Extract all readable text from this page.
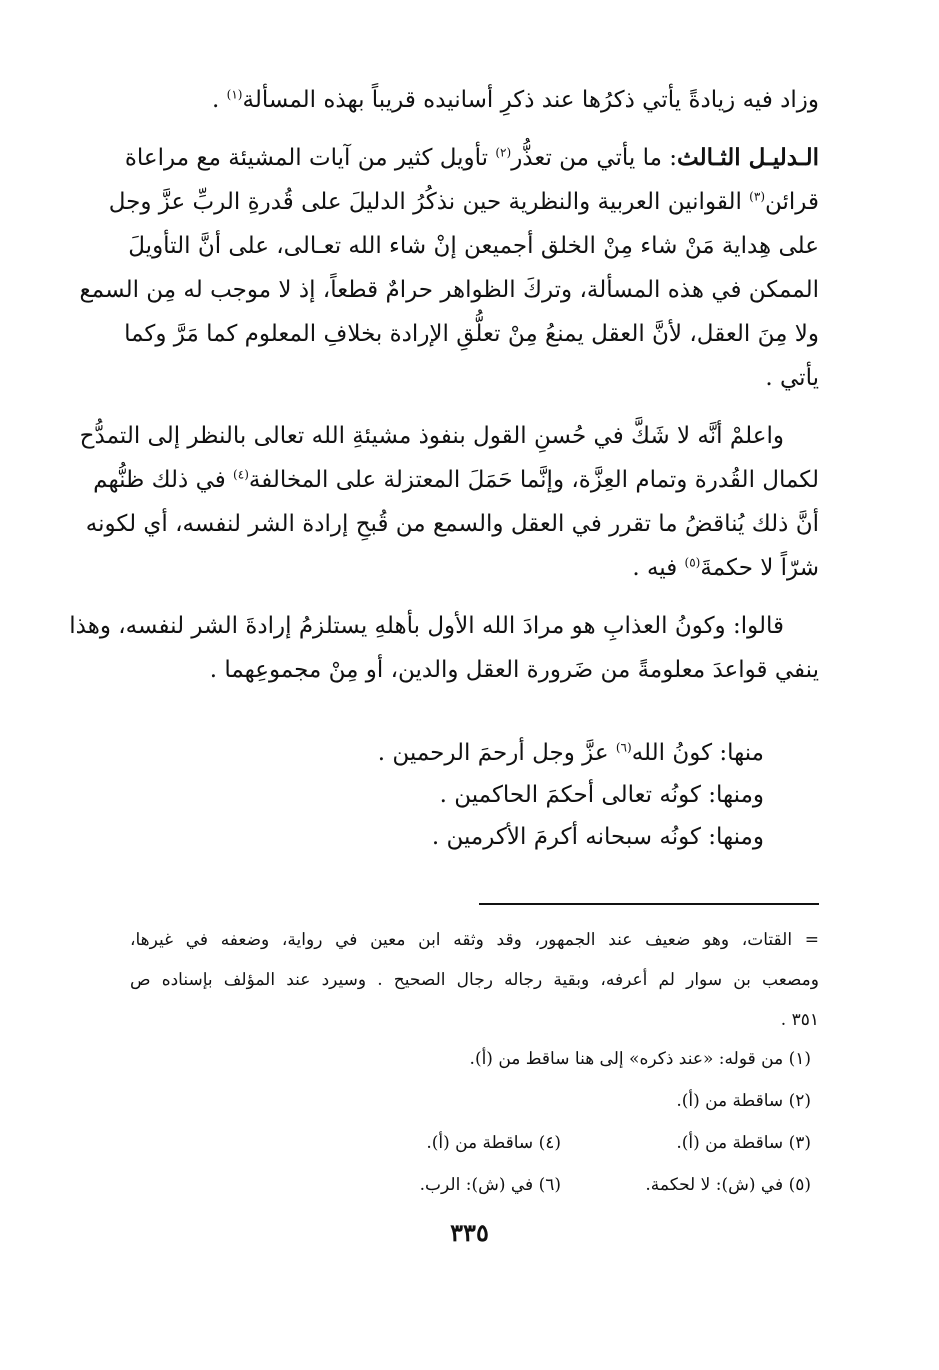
وزاد فيه زيادةً يأتي ذكرُها عند ذكرِ أسانيده قريباً بهذه المسألة$^{(١)}$ .

الـدليـل الثـالث: ما يأتي من تعذُّر$^{(٢)}$ تأويل كثير من آيات المشيئة مع مراعاة

قرائن$^{(٣)}$ القوانين العربية والنظرية حين نذكُرُ الدليلَ على قُدرةِ الربِّ عزَّ وجل

على هِداية مَنْ شاء مِنْ الخلق أجميعن إنْ شاء الله تعـالى، على أنَّ التأويلَ

الممكن في هذه المسألة، وتركَ الظواهر حرامٌ قطعاً، إذ لا موجب له مِن السمع

ولا مِنَ العقل، لأنَّ العقل يمنعُ مِنْ تعلُّقِ الإرادة بخلافِ المعلوم كما مَرَّ وكما

يأتي .

واعلمْ أنَّه لا شَكَّ في حُسنِ القول بنفوذ مشيئةِ الله تعالى بالنظر إلى التمدُّح

لكمال القُدرة وتمام العِزَّة، وإنَّما حَمَلَ المعتزلة على المخالفة$^{(٤)}$ في ذلك ظنُّهم

أنَّ ذلك يُناقضُ ما تقرر في العقل والسمع من قُبحِ إرادة الشر لنفسه، أي لكونه

شرّاً لا حكمةَ$^{(٥)}$ فيه .

قالوا: وكونُ العذابِ هو مرادَ الله الأول بأهلهِ يستلزمُ إرادةَ الشر لنفسه، وهذا

ينفي قواعدَ معلومةً من ضَرورة العقل والدين، أو مِنْ مجموعِهما .

منها: كونُ الله$^{(٦)}$ عزَّ وجل أرحمَ الرحمين .

ومنها: كونُه تعالى أحكمَ الحاكمين .

ومنها: كونُه سبحانه أكرمَ الأكرمين .

= القتات، وهو ضعيف عند الجمهور، وقد وثقه ابن معين في رواية، وضعفه في غيرها،

ومصعب بن سوار لم أعرفه، وبقية رجاله رجال الصحيح . وسيرد عند المؤلف بإسناده ص

٣٥١ .

(١) من قوله: «عند ذكره» إلى هنا ساقط من (أ).
(٢) ساقطة من (أ).
(٣) ساقطة من (أ).
(٤) ساقطة من (أ).
(٥) في (ش): لا لحكمة.
(٦) في (ش): الرب.
٣٣٥
